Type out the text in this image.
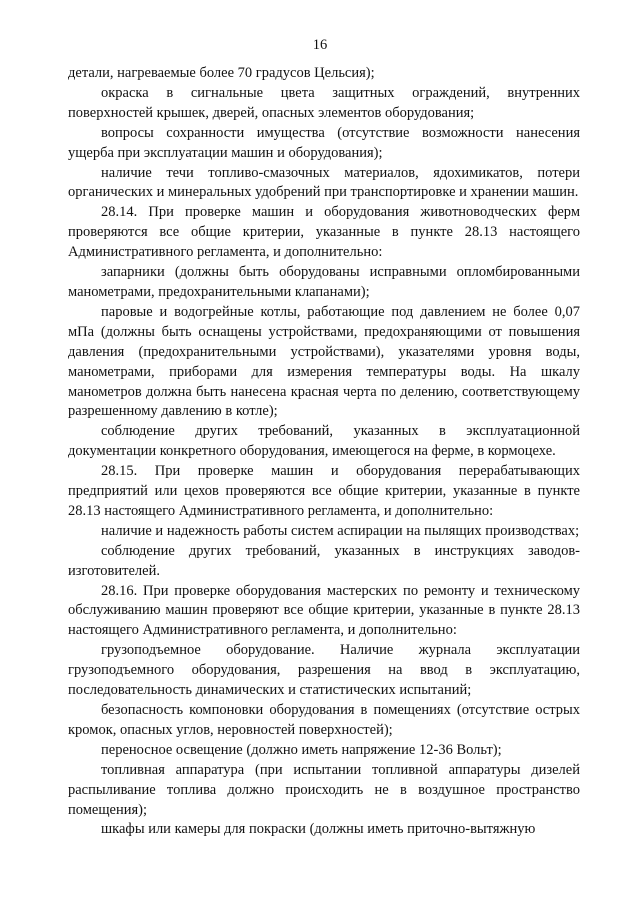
16

детали, нагреваемые более 70 градусов Цельсия);

окраска в сигнальные цвета защитных ограждений, внутренних поверхностей крышек, дверей, опасных элементов оборудования;

вопросы сохранности имущества (отсутствие возможности нанесения ущерба при эксплуатации машин и оборудования);

наличие течи топливо-смазочных материалов, ядохимикатов, потери органических и минеральных удобрений при транспортировке и хранении машин.

28.14. При проверке машин и оборудования животноводческих ферм проверяются все общие критерии, указанные в пункте 28.13 настоящего Административного регламента, и дополнительно:

запарники (должны быть оборудованы исправными опломбированными манометрами, предохранительными клапанами);

паровые и водогрейные котлы, работающие под давлением не более 0,07 мПа (должны быть оснащены устройствами, предохраняющими от повышения давления (предохранительными устройствами), указателями уровня воды, манометрами, приборами для измерения температуры воды. На шкалу манометров должна быть нанесена красная черта по делению, соответствующему разрешенному давлению в котле);

соблюдение других требований, указанных в эксплуатационной документации конкретного оборудования, имеющегося на ферме, в кормоцехе.

28.15. При проверке машин и оборудования перерабатывающих предприятий или цехов проверяются все общие критерии, указанные в пункте 28.13 настоящего Административного регламента, и дополнительно:

наличие и надежность работы систем аспирации на пылящих производствах;

соблюдение других требований, указанных в инструкциях заводов-изготовителей.

28.16. При проверке оборудования мастерских по ремонту и техническому обслуживанию машин проверяют все общие критерии, указанные в пункте 28.13 настоящего Административного регламента, и дополнительно:

грузоподъемное оборудование. Наличие журнала эксплуатации грузоподъемного оборудования, разрешения на ввод в эксплуатацию, последовательность динамических и статистических испытаний;

безопасность компоновки оборудования в помещениях (отсутствие острых кромок, опасных углов, неровностей поверхностей);

переносное освещение (должно иметь напряжение 12-36 Вольт);

топливная аппаратура (при испытании топливной аппаратуры дизелей распыливание топлива должно происходить не в воздушное пространство помещения);

шкафы или камеры для покраски (должны иметь приточно-вытяжную
